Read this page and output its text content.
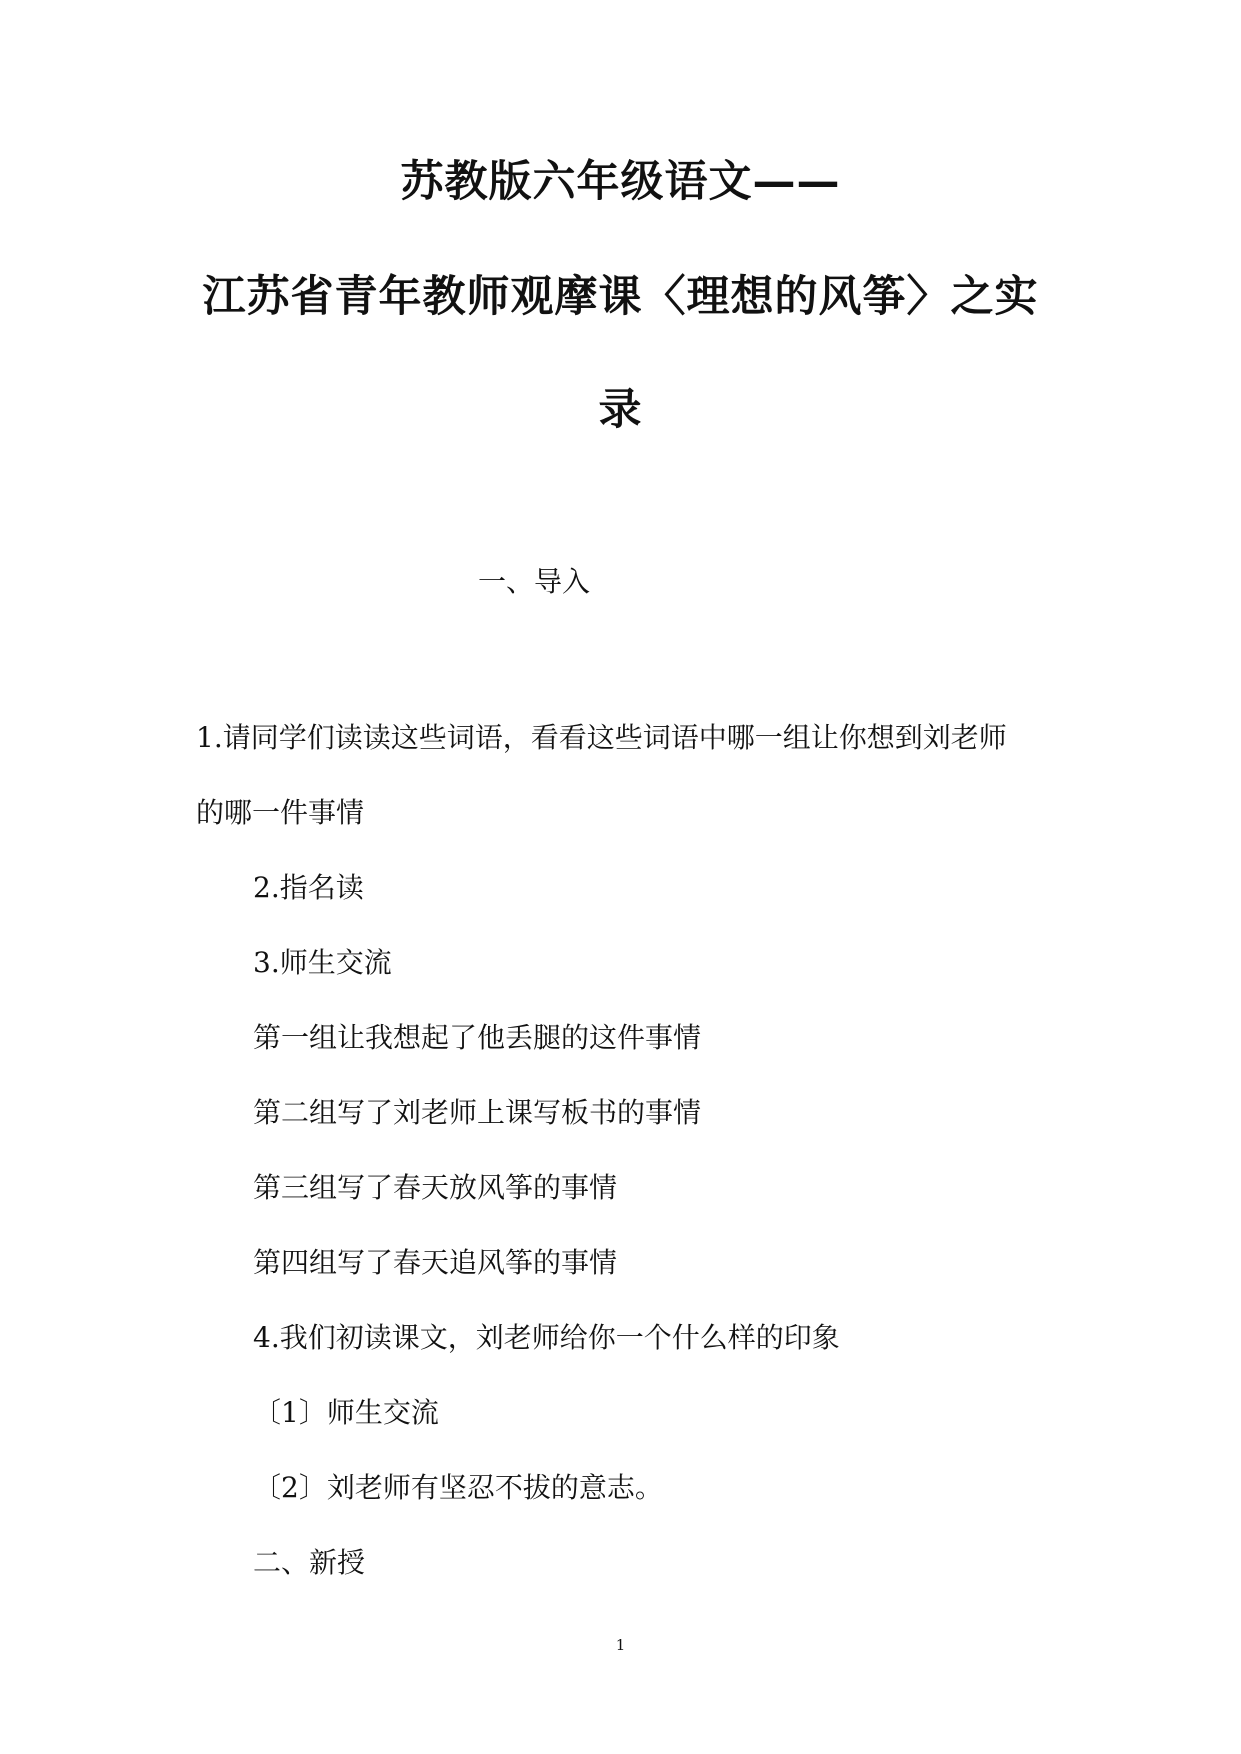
苏教版六年级语文——
江苏省青年教师观摩课〈理想的风筝〉之实
录
一、导入
1.请同学们读读这些词语，看看这些词语中哪一组让你想到刘老师
的哪一件事情
2.指名读
3.师生交流
第一组让我想起了他丢腿的这件事情
第二组写了刘老师上课写板书的事情
第三组写了春天放风筝的事情
第四组写了春天追风筝的事情
4.我们初读课文，刘老师给你一个什么样的印象
〔1〕师生交流
〔2〕刘老师有坚忍不拔的意志。
二、新授
1
